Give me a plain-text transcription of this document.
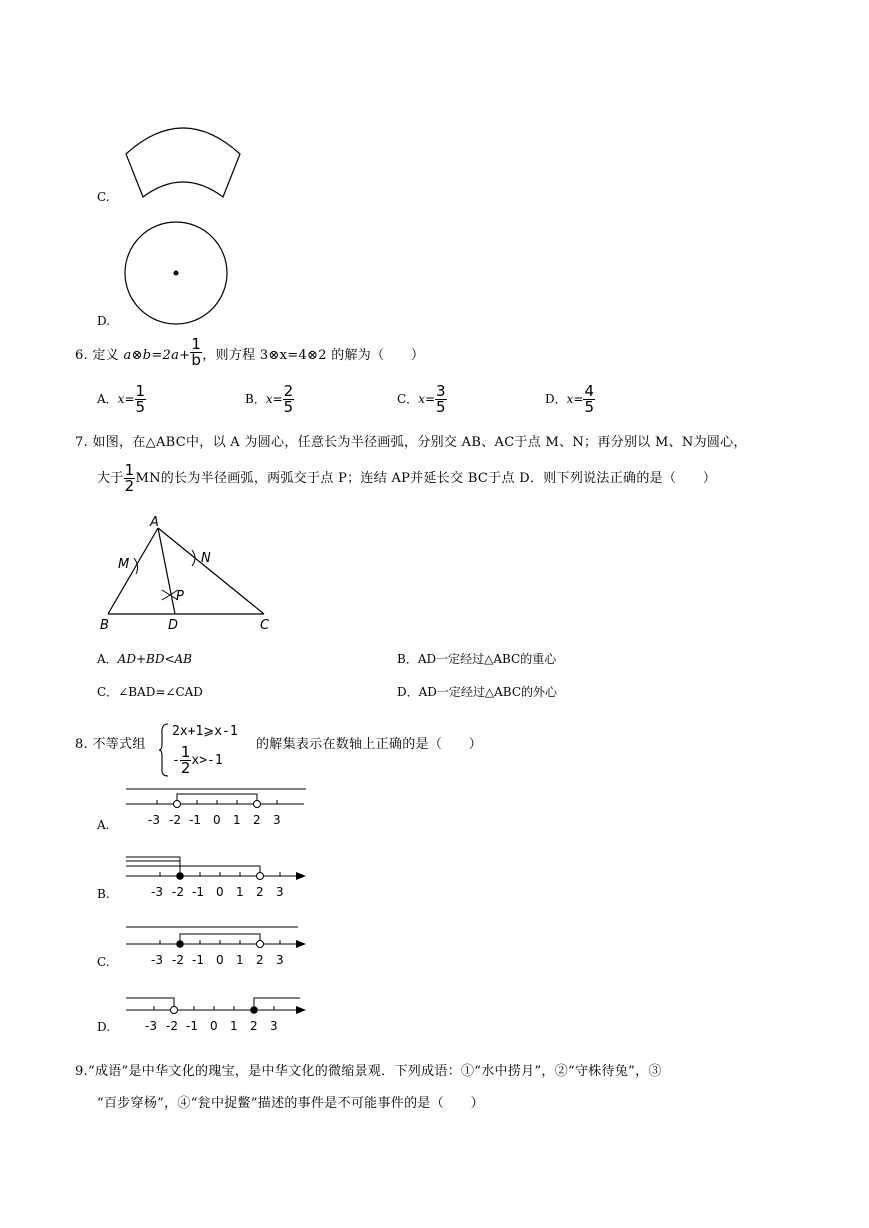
C.
D.
6. 定义 a⊗b=2a+ $\frac{1}{b}$ ，则方程 3⊗x=4⊗2 的解为（　　）
A．$x= \frac{1}{5}$	B．$x= \frac{2}{5}$	C．$x= \frac{3}{5}$	D．$x= \frac{4}{5}$
7. 如图，在△ABC中，以 A 为圆心，任意长为半径画弧，分别交 AB、AC于点 M、N；再分别以 M、N为圆心，
大于 $\frac{1}{2}$ MN的长为半径画弧，两弧交于点 P；连结 AP并延长交 BC于点 D．则下列说法正确的是（　　）
A
B	D	C
M	N
P
A．AD+BD<AB	B．AD一定经过△ABC的重心
C．∠BAD=∠CAD	D．AD一定经过△ABC的外心
8. 不等式组
2x+1⩾x-1
- $\frac{1}{2} x>-1$
的解集表示在数轴上正确的是（　　）
-3 -2 -1 0 1 2 3
A.
-3 -2 -1 0 1 2 3
B.
-3 -2 -1 0 1 2 3
C.
-3 -2 -1 0 1 2 3
D.
9.“成语”是中华文化的瑰宝，是中华文化的微缩景观．下列成语：①“水中捞月”，②“守株待兔”，③
“百步穿杨”，④“瓮中捉鳖”描述的事件是不可能事件的是（　　）
